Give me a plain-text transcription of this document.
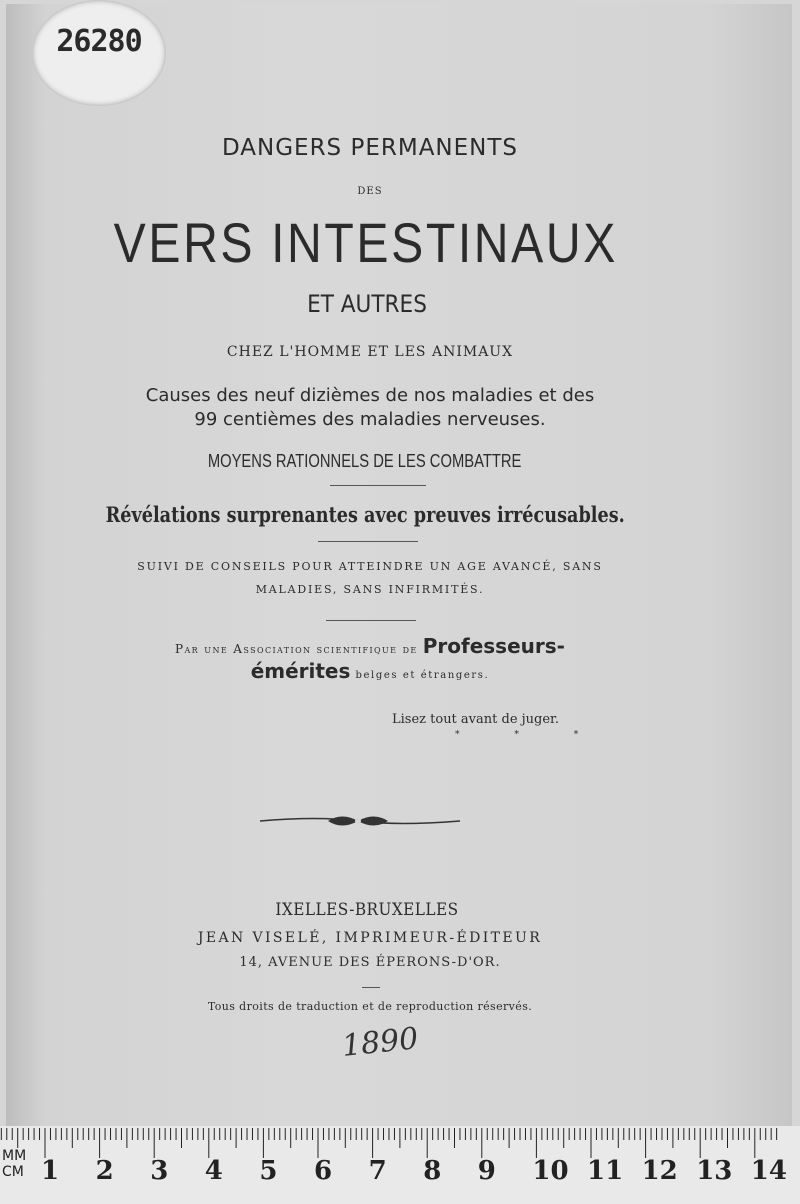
26280
DANGERS PERMANENTS
DES
VERS INTESTINAUX
ET AUTRES
CHEZ L'HOMME ET LES ANIMAUX
Causes des neuf dizièmes de nos maladies et des
99 centièmes des maladies nerveuses.
MOYENS RATIONNELS DE LES COMBATTRE
Révélations surprenantes avec preuves irrécusables.
SUIVI DE CONSEILS POUR ATTEINDRE UN AGE AVANCÉ, SANS
MALADIES, SANS INFIRMITÉS.
Par une Association scientifique de Professeurs-
émérites belges et étrangers.
Lisez tout avant de juger.
* * *
IXELLES-BRUXELLES
JEAN VISELÉ, IMPRIMEUR-ÉDITEUR
14, AVENUE DES ÉPERONS-D'OR.
Tous droits de traduction et de reproduction réservés.
1890
MM
CM 1 2 3 4 5 6 7 8 9 10 11 12 13 14
